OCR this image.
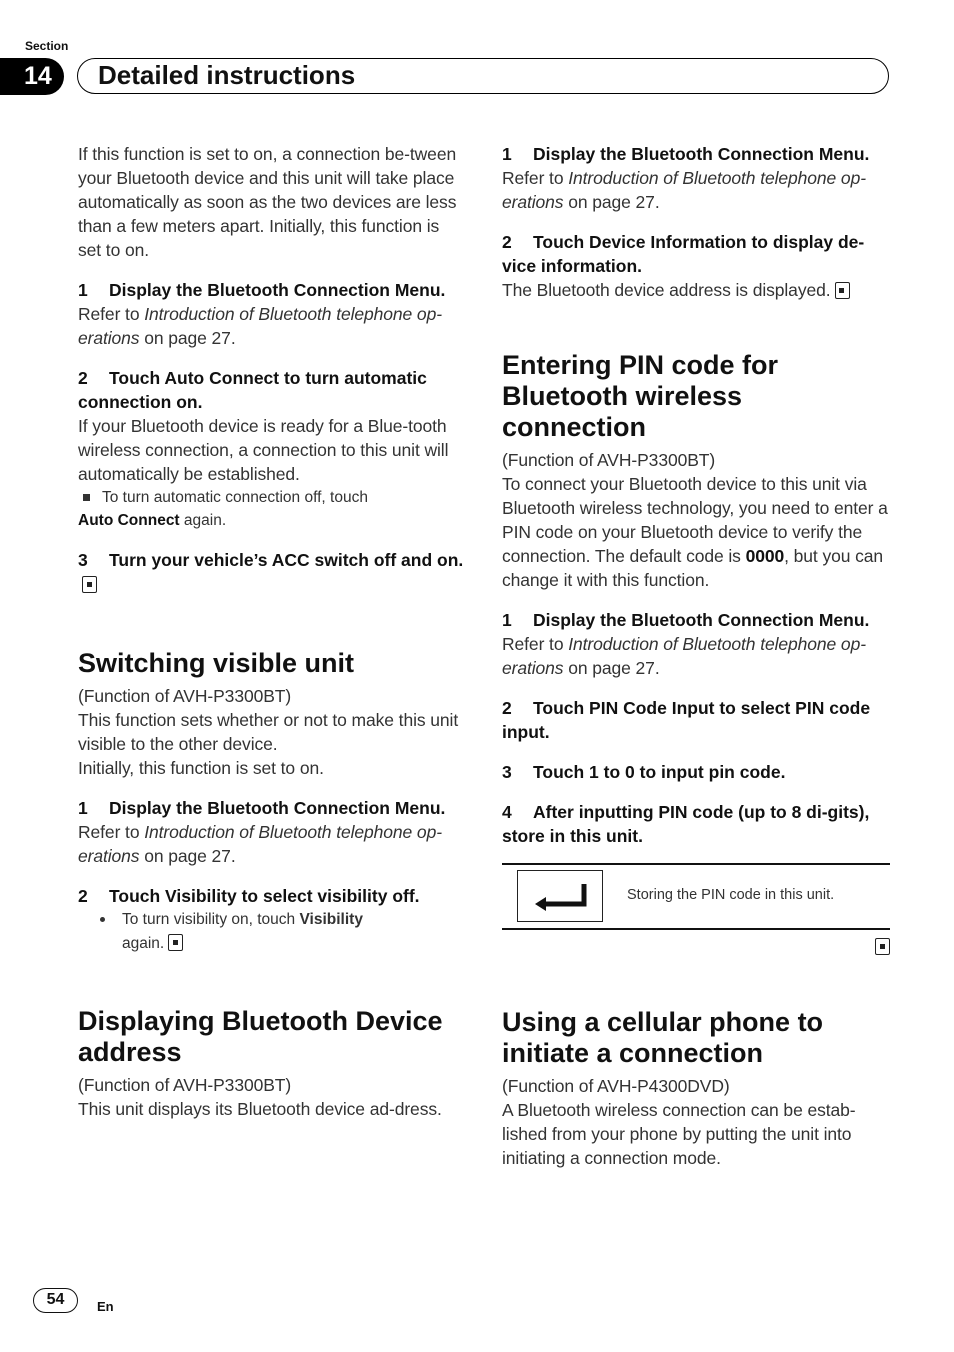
Section
14	Detailed instructions

If this function is set to on, a connection be-tween your Bluetooth device and this unit will take place automatically as soon as the two devices are less than a few meters apart. Initially, this function is set to on.

1 Display the Bluetooth Connection Menu.

Refer to Introduction of Bluetooth telephone op-erations on page 27.

2 Touch Auto Connect to turn automatic connection on.

If your Bluetooth device is ready for a Blue-tooth wireless connection, a connection to this unit will automatically be established.

To turn automatic connection off, touch
Auto Connect again.
3 Turn your vehicle’s ACC switch off and on.
Switching visible unit

(Function of AVH-P3300BT)

This function sets whether or not to make this unit visible to the other device.

Initially, this function is set to on.

1 Display the Bluetooth Connection Menu.

Refer to Introduction of Bluetooth telephone op-erations on page 27.

2 Touch Visibility to select visibility off.
To turn visibility on, touch Visibility
again.
Displaying Bluetooth Device address

(Function of AVH-P3300BT)

This unit displays its Bluetooth device ad-dress.

1 Display the Bluetooth Connection Menu.

Refer to Introduction of Bluetooth telephone op-erations on page 27.

2 Touch Device Information to display de-vice information.

The Bluetooth device address is displayed.

Entering PIN code for Bluetooth wireless connection

(Function of AVH-P3300BT)

To connect your Bluetooth device to this unit via Bluetooth wireless technology, you need to enter a PIN code on your Bluetooth device to verify the connection. The default code is 0000, but you can change it with this function.

1 Display the Bluetooth Connection Menu.

Refer to Introduction of Bluetooth telephone op-erations on page 27.

2 Touch PIN Code Input to select PIN code input.
3 Touch 1 to 0 to input pin code.
4 After inputting PIN code (up to 8 di-gits), store in this unit.
Storing the PIN code in this unit.
Using a cellular phone to initiate a connection

(Function of AVH-P4300DVD)

A Bluetooth wireless connection can be estab-lished from your phone by putting the unit into initiating a connection mode.

54	En
